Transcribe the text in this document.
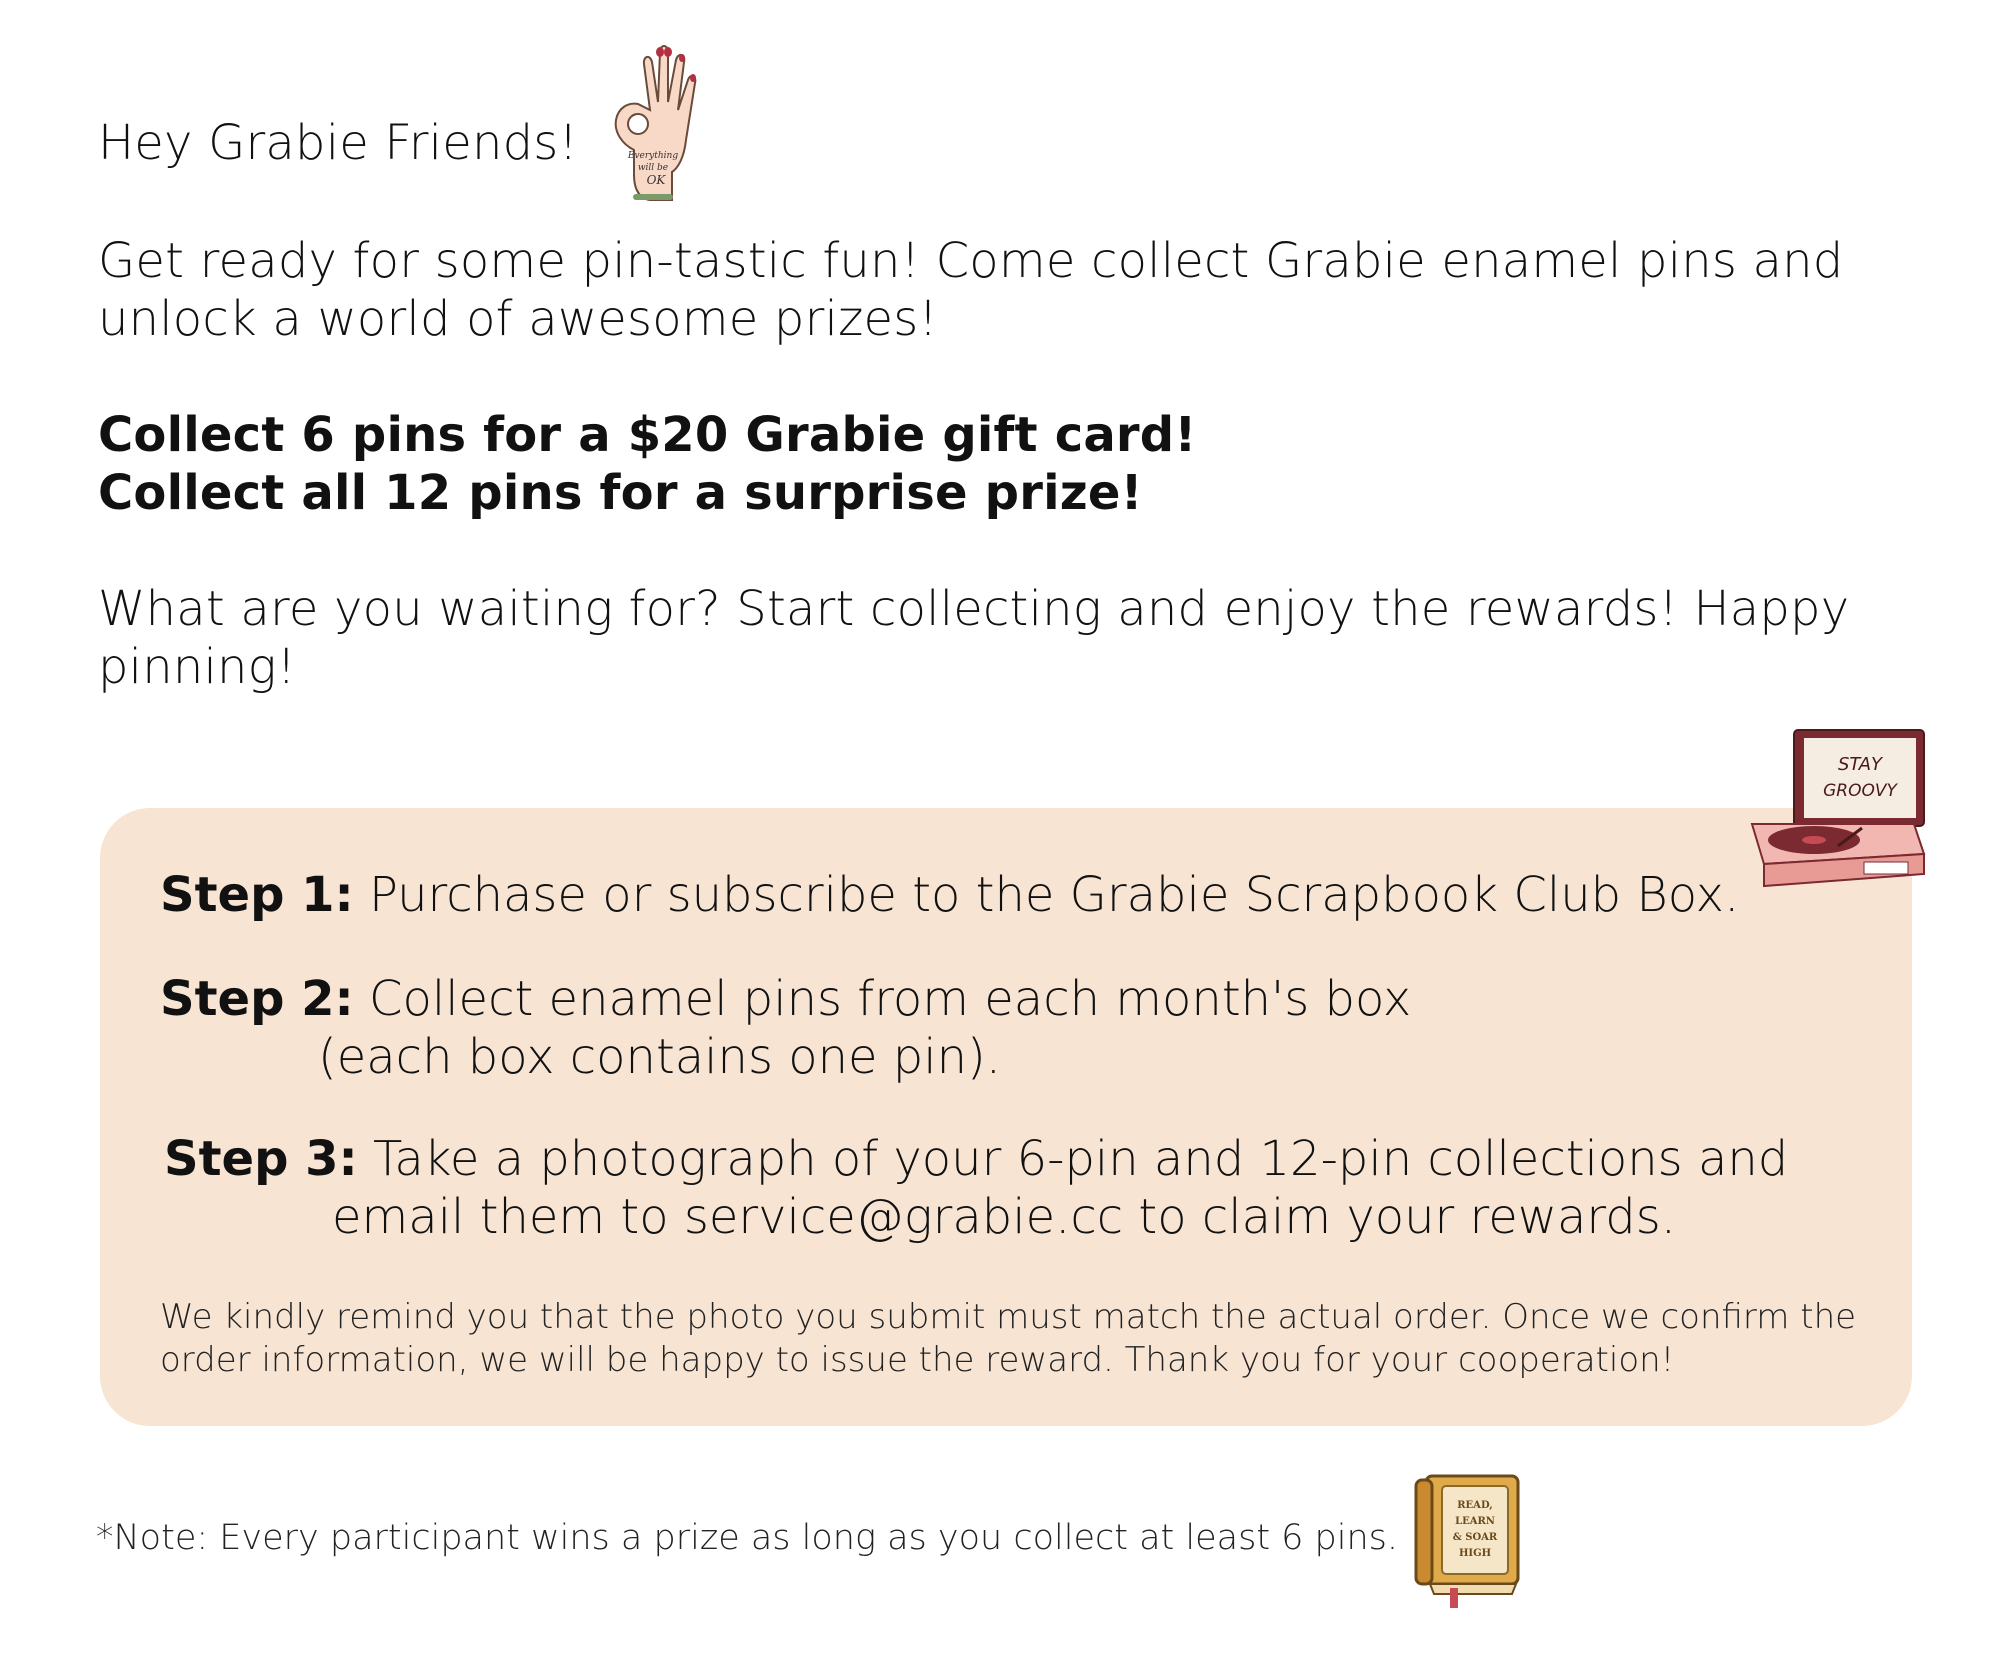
Hey Grabie Friends!	Everything
will be
OK
Get ready for some pin-tastic fun! Come collect Grabie enamel pins and unlock a world of awesome prizes!
Collect 6 pins for a $20 Grabie gift card!
Collect all 12 pins for a surprise prize!
What are you waiting for? Start collecting and enjoy the rewards! Happy pinning!
STAY
GROOVY
Step 1: Purchase or subscribe to the Grabie Scrapbook Club Box.
Step 2: Collect enamel pins from each month's box
(each box contains one pin).
Step 3: Take a photograph of your 6-pin and 12-pin collections and
email them to service@grabie.cc to claim your rewards.
We kindly remind you that the photo you submit must match the actual order. Once we confirm the order information, we will be happy to issue the reward. Thank you for your cooperation!
*Note: Every participant wins a prize as long as you collect at least 6 pins.
READ,
LEARN
& SOAR
HIGH
